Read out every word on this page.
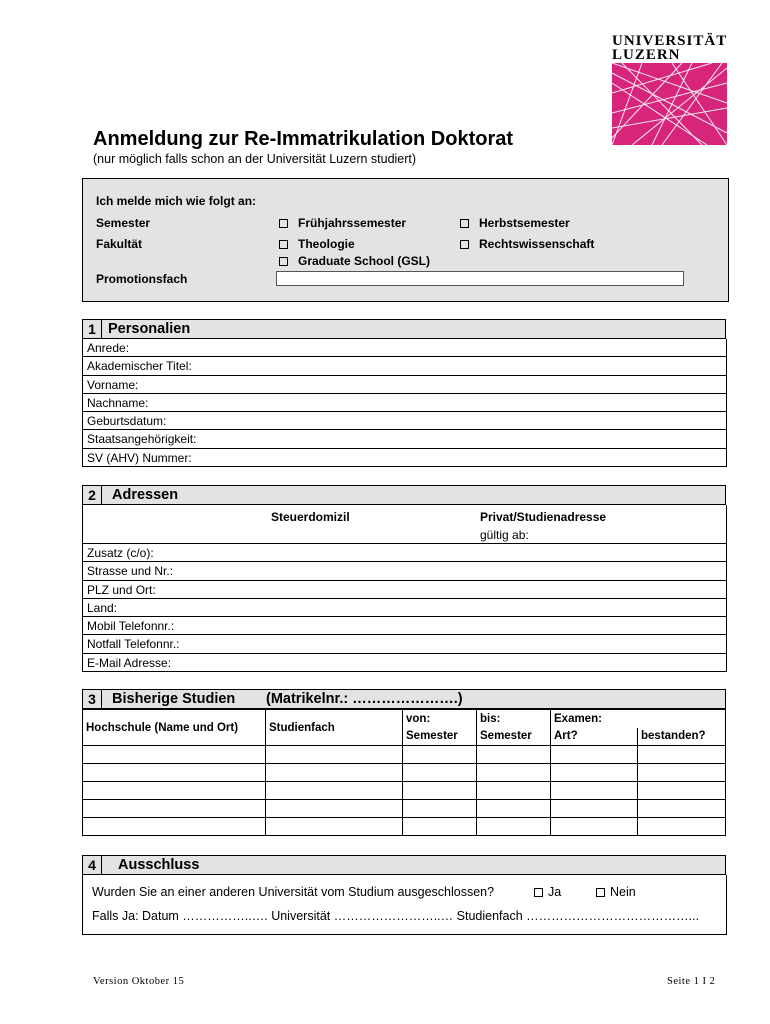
UNIVERSITÄT
LUZERN
Anmeldung zur Re-Immatrikulation Doktorat
(nur möglich falls schon an der Universität Luzern studiert)
Ich melde mich wie folgt an:
Semester	Frühjahrssemester	Herbstsemester
Fakultät	Theologie	Rechtswissenschaft
Graduate School (GSL)
Promotionsfach
1 Personalien
Anrede:
Akademischer Titel:
Vorname:
Nachname:
Geburtsdatum:
Staatsangehörigkeit:
SV (AHV) Nummer:
2	Adressen
Steuerdomizil	Privat/Studienadresse
gültig ab:
Zusatz (c/o):
Strasse und Nr.:
PLZ und Ort:
Land:
Mobil Telefonnr.:
Notfall Telefonnr.:
E-Mail Adresse:
3	Bisherige Studien (Matrikelnr.: ………………….)
Hochschule (Name und Ort)	Studienfach	von:	bis:	Examen:	
		Semester	Semester	Art?	bestanden?

4	Ausschluss
Wurden Sie an einer anderen Universität vom Studium ausgeschlossen?	Ja	Nein
Falls Ja: Datum ……………..…. Universität ……………………..… Studienfach …………………………………...
Version Oktober 15	Seite 1 I 2
